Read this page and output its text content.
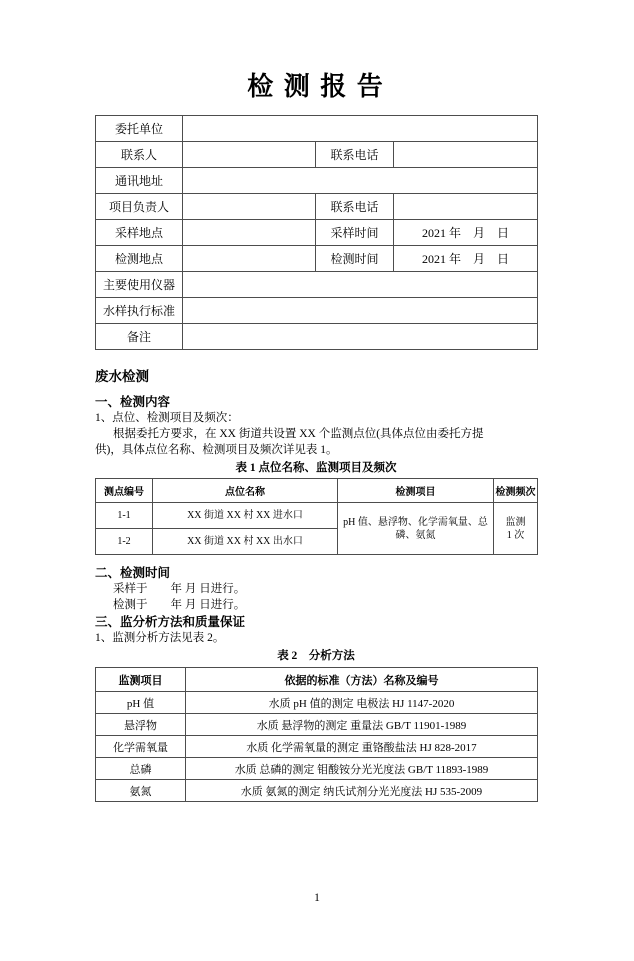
检 测 报 告
委托单位			
联系人		联系电话	
通讯地址			
项目负责人		联系电话	
采样地点		采样时间	2021 年　月　日
检测地点		检测时间	2021 年　月　日
主要使用仪器			
水样执行标准			
备注			
废水检测
一、检测内容
1、点位、检测项目及频次：
根据委托方要求，在 XX 街道共设置 XX 个监测点位(具体点位由委托方提
供)，具体点位名称、检测项目及频次详见表 1。
表 1 点位名称、监测项目及频次
测点编号	点位名称	检测项目	检测频次
1-1	XX 街道 XX 村 XX 进水口	pH 值、悬浮物、化学需氧量、总磷、氨氮	监测
1 次

1-2	XX 街道 XX 村 XX 出水口		
二、检测时间
采样于　　年 月 日进行。
检测于　　年 月 日进行。
三、监分析方法和质量保证
1、监测分析方法见表 2。
表 2　分析方法
监测项目	依据的标准（方法）名称及编号
pH 值	水质 pH 值的测定 电极法 HJ 1147-2020
悬浮物	水质 悬浮物的测定 重量法 GB/T 11901-1989
化学需氧量	水质 化学需氧量的测定 重铬酸盐法 HJ 828-2017
总磷	水质 总磷的测定 钼酸铵分光光度法 GB/T 11893-1989
氨氮	水质 氨氮的测定 纳氏试剂分光光度法 HJ 535-2009
1
